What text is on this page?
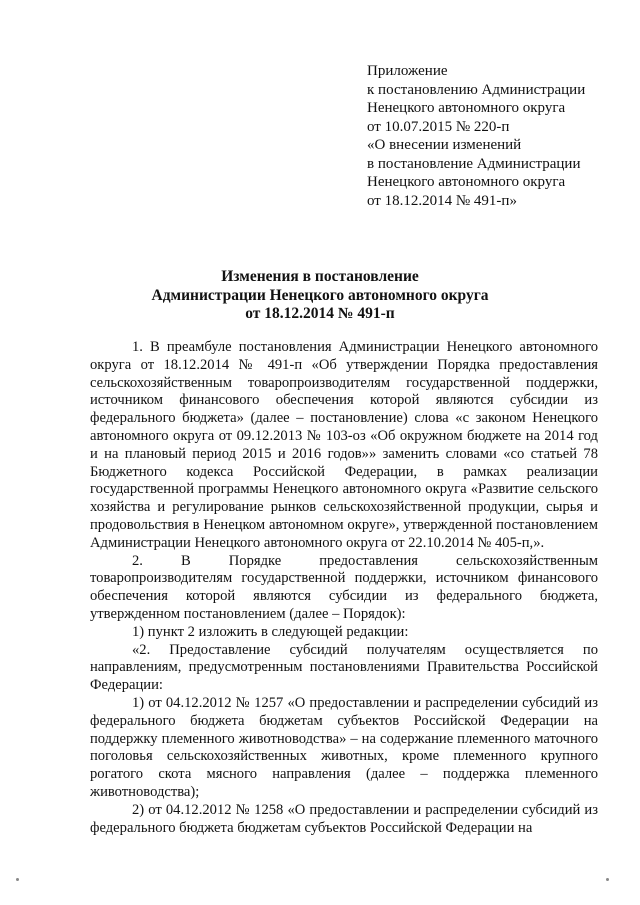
Приложение
к постановлению Администрации
Ненецкого автономного округа
от 10.07.2015 № 220-п
«О внесении изменений
в постановление Администрации
Ненецкого автономного округа
от 18.12.2014 № 491-п»
Изменения в постановление
Администрации Ненецкого автономного округа
от 18.12.2014 № 491-п

1. В преамбуле постановления Администрации Ненецкого автономного округа от 18.12.2014 № 491-п «Об утверждении Порядка предоставления сельскохозяйственным товаропроизводителям государственной поддержки, источником финансового обеспечения которой являются субсидии из федерального бюджета» (далее – постановление) слова «с законом Ненецкого автономного округа от 09.12.2013 № 103-оз «Об окружном бюджете на 2014 год и на плановый период 2015 и 2016 годов»» заменить словами «со статьей 78 Бюджетного кодекса Российской Федерации, в рамках реализации государственной программы Ненецкого автономного округа «Развитие сельского хозяйства и регулирование рынков сельскохозяйственной продукции, сырья и продовольствия в Ненецком автономном округе», утвержденной постановлением Администрации Ненецкого автономного округа от 22.10.2014 № 405-п,».

2. В Порядке предоставления сельскохозяйственным товаропроизводителям государственной поддержки, источником финансового обеспечения которой являются субсидии из федерального бюджета, утвержденном постановлением (далее – Порядок):

1) пункт 2 изложить в следующей редакции:

«2. Предоставление субсидий получателям осуществляется по направлениям, предусмотренным постановлениями Правительства Российской Федерации:

1) от 04.12.2012 № 1257 «О предоставлении и распределении субсидий из федерального бюджета бюджетам субъектов Российской Федерации на поддержку племенного животноводства» – на содержание племенного маточного поголовья сельскохозяйственных животных, кроме племенного крупного рогатого скота мясного направления (далее – поддержка племенного животноводства);

2) от 04.12.2012 № 1258 «О предоставлении и распределении субсидий из федерального бюджета бюджетам субъектов Российской Федерации на
